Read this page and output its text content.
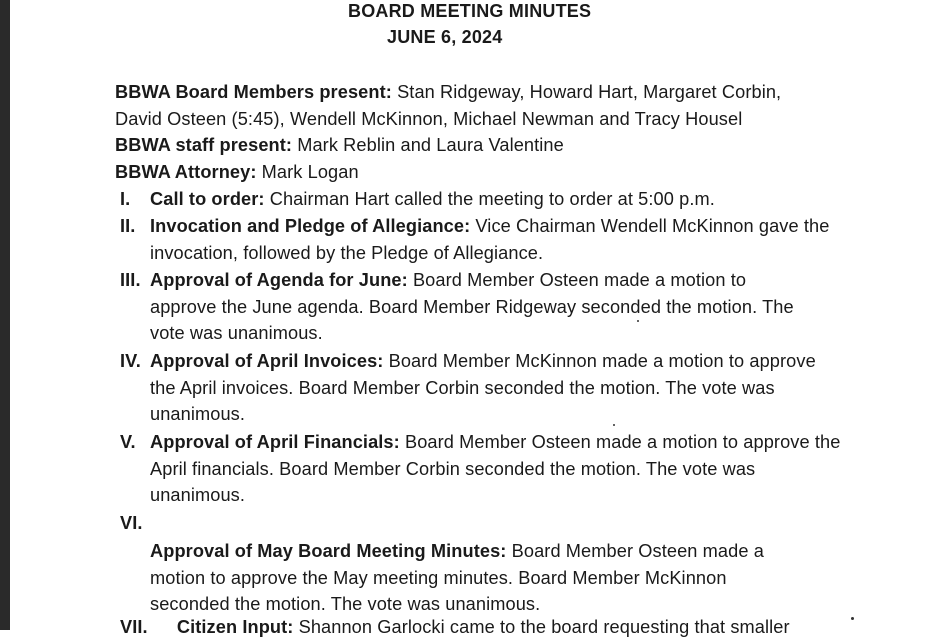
BOARD MEETING MINUTES
JUNE 6, 2024
BBWA Board Members present: Stan Ridgeway, Howard Hart, Margaret Corbin,
David Osteen (5:45), Wendell McKinnon, Michael Newman and Tracy Housel
BBWA staff present: Mark Reblin and Laura Valentine
BBWA Attorney: Mark Logan
I. Call to order: Chairman Hart called the meeting to order at 5:00 p.m.
II. Invocation and Pledge of Allegiance: Vice Chairman Wendell McKinnon gave the invocation, followed by the Pledge of Allegiance.
III. Approval of Agenda for June: Board Member Osteen made a motion to approve the June agenda. Board Member Ridgeway seconded the motion. The vote was unanimous.
IV. Approval of April Invoices: Board Member McKinnon made a motion to approve the April invoices. Board Member Corbin seconded the motion. The vote was unanimous.
V. Approval of April Financials: Board Member Osteen made a motion to approve the April financials. Board Member Corbin seconded the motion. The vote was unanimous.
VI.
Approval of May Board Meeting Minutes: Board Member Osteen made a motion to approve the May meeting minutes. Board Member McKinnon seconded the motion. The vote was unanimous.
VII. Citizen Input: Shannon Garlocki came to the board requesting that smaller
